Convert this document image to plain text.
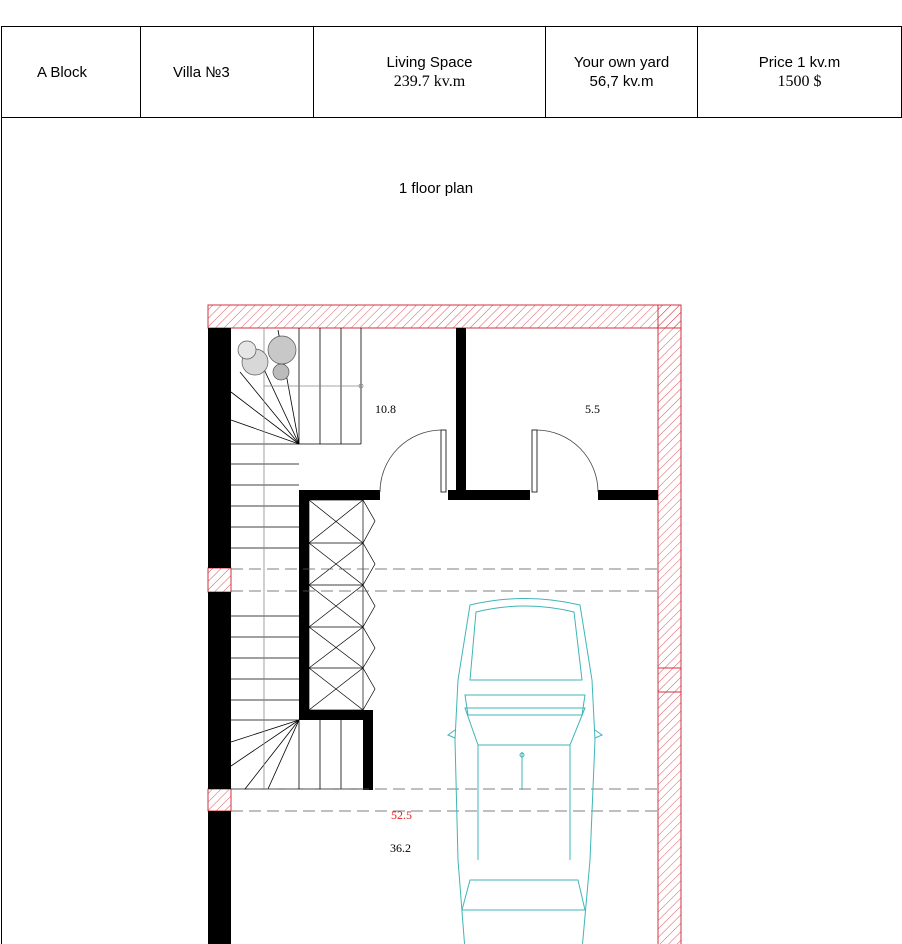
A Block	Villa №3
Living Space
239.7 kv.m
Your own yard
56,7 kv.m
Price 1 kv.m
1500 $
1 floor plan
10.8	5.5
52.5
36.2
